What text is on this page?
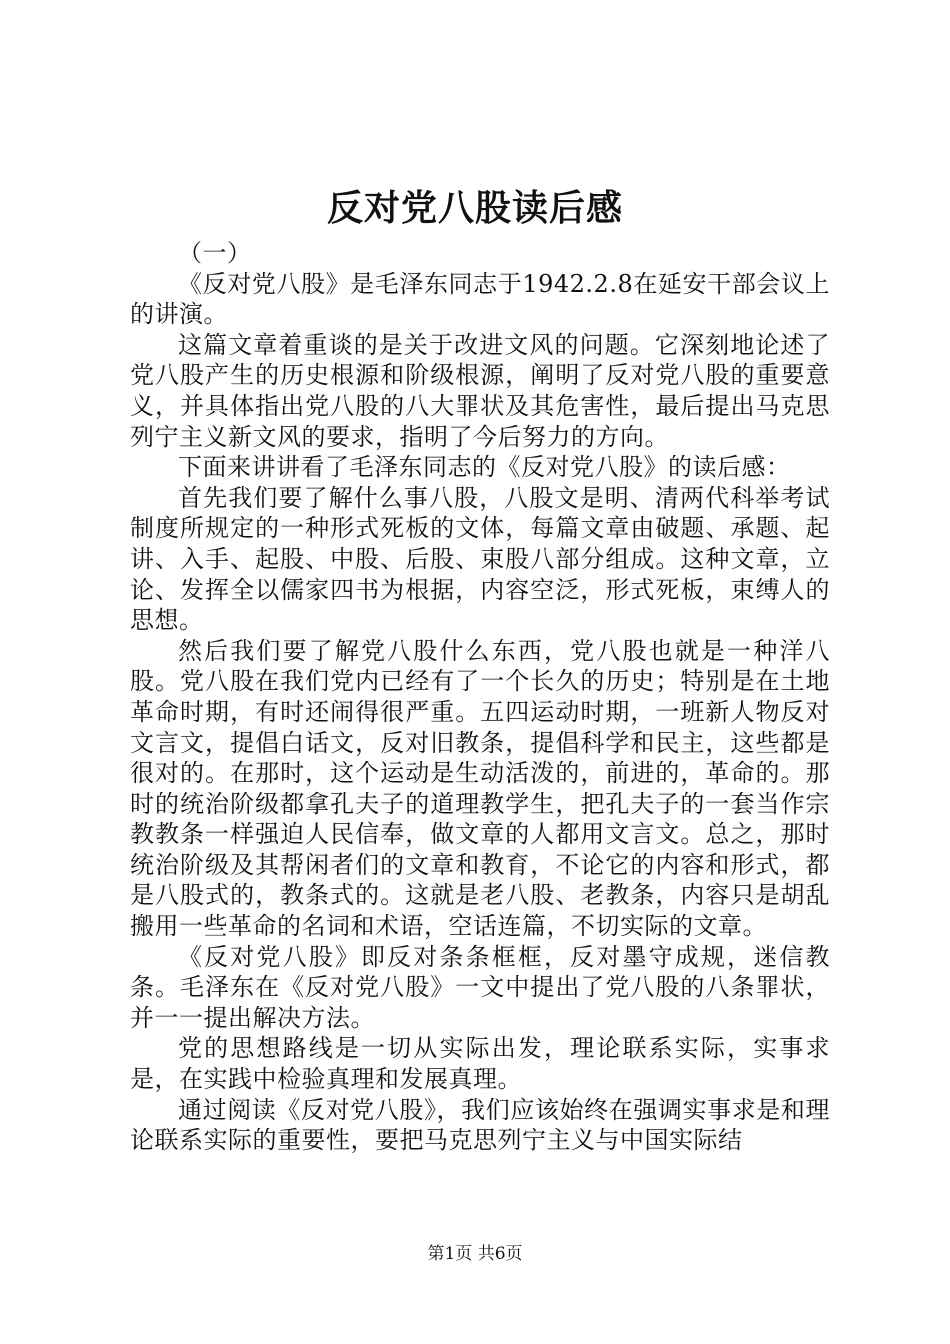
反对党八股读后感

（一）

《反对党八股》是毛泽东同志于1942.2.8在延安干部会议上的讲演。

这篇文章着重谈的是关于改进文风的问题。它深刻地论述了党八股产生的历史根源和阶级根源，阐明了反对党八股的重要意义，并具体指出党八股的八大罪状及其危害性，最后提出马克思列宁主义新文风的要求，指明了今后努力的方向。

下面来讲讲看了毛泽东同志的《反对党八股》的读后感：

首先我们要了解什么事八股，八股文是明、清两代科举考试制度所规定的一种形式死板的文体，每篇文章由破题、承题、起讲、入手、起股、中股、后股、束股八部分组成。这种文章，立论、发挥全以儒家四书为根据，内容空泛，形式死板，束缚人的思想。

然后我们要了解党八股什么东西，党八股也就是一种洋八股。党八股在我们党内已经有了一个长久的历史；特别是在土地革命时期，有时还闹得很严重。五四运动时期，一班新人物反对文言文，提倡白话文，反对旧教条，提倡科学和民主，这些都是很对的。在那时，这个运动是生动活泼的，前进的，革命的。那时的统治阶级都拿孔夫子的道理教学生，把孔夫子的一套当作宗教教条一样强迫人民信奉，做文章的人都用文言文。总之，那时统治阶级及其帮闲者们的文章和教育，不论它的内容和形式，都是八股式的，教条式的。这就是老八股、老教条，内容只是胡乱搬用一些革命的名词和术语，空话连篇，不切实际的文章。

《反对党八股》即反对条条框框，反对墨守成规，迷信教条。毛泽东在《反对党八股》一文中提出了党八股的八条罪状，并一一提出解决方法。

党的思想路线是一切从实际出发，理论联系实际，实事求是，在实践中检验真理和发展真理。

通过阅读《反对党八股》，我们应该始终在强调实事求是和理论联系实际的重要性，要把马克思列宁主义与中国实际结

第1页 共6页
